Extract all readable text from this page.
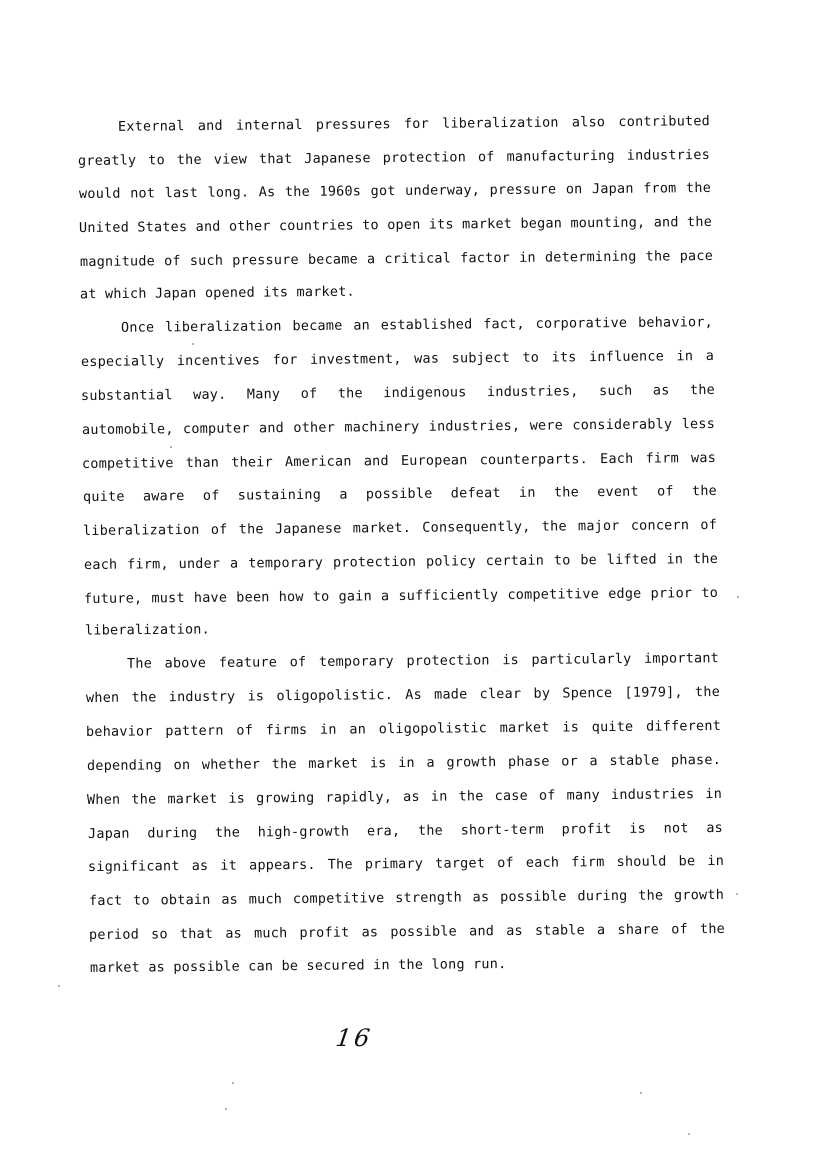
External and internal pressures for liberalization also contributed
greatly to the view that Japanese protection of manufacturing industries
would not last long. As the 1960s got underway, pressure on Japan from the
United States and other countries to open its market began mounting, and the
magnitude of such pressure became a critical factor in determining the pace
at which Japan opened its market.
Once liberalization became an established fact, corporative behavior,
especially incentives for investment, was subject to its influence in a
substantial way. Many of the indigenous industries, such as the
automobile, computer and other machinery industries, were considerably less
competitive than their American and European counterparts. Each firm was
quite aware of sustaining a possible defeat in the event of the
liberalization of the Japanese market. Consequently, the major concern of
each firm, under a temporary protection policy certain to be lifted in the
future, must have been how to gain a sufficiently competitive edge prior to
liberalization.
The above feature of temporary protection is particularly important
when the industry is oligopolistic. As made clear by Spence [1979], the
behavior pattern of firms in an oligopolistic market is quite different
depending on whether the market is in a growth phase or a stable phase.
When the market is growing rapidly, as in the case of many industries in
Japan during the high-growth era, the short-term profit is not as
significant as it appears. The primary target of each firm should be in
fact to obtain as much competitive strength as possible during the growth
period so that as much profit as possible and as stable a share of the
market as possible can be secured in the long run.
16
